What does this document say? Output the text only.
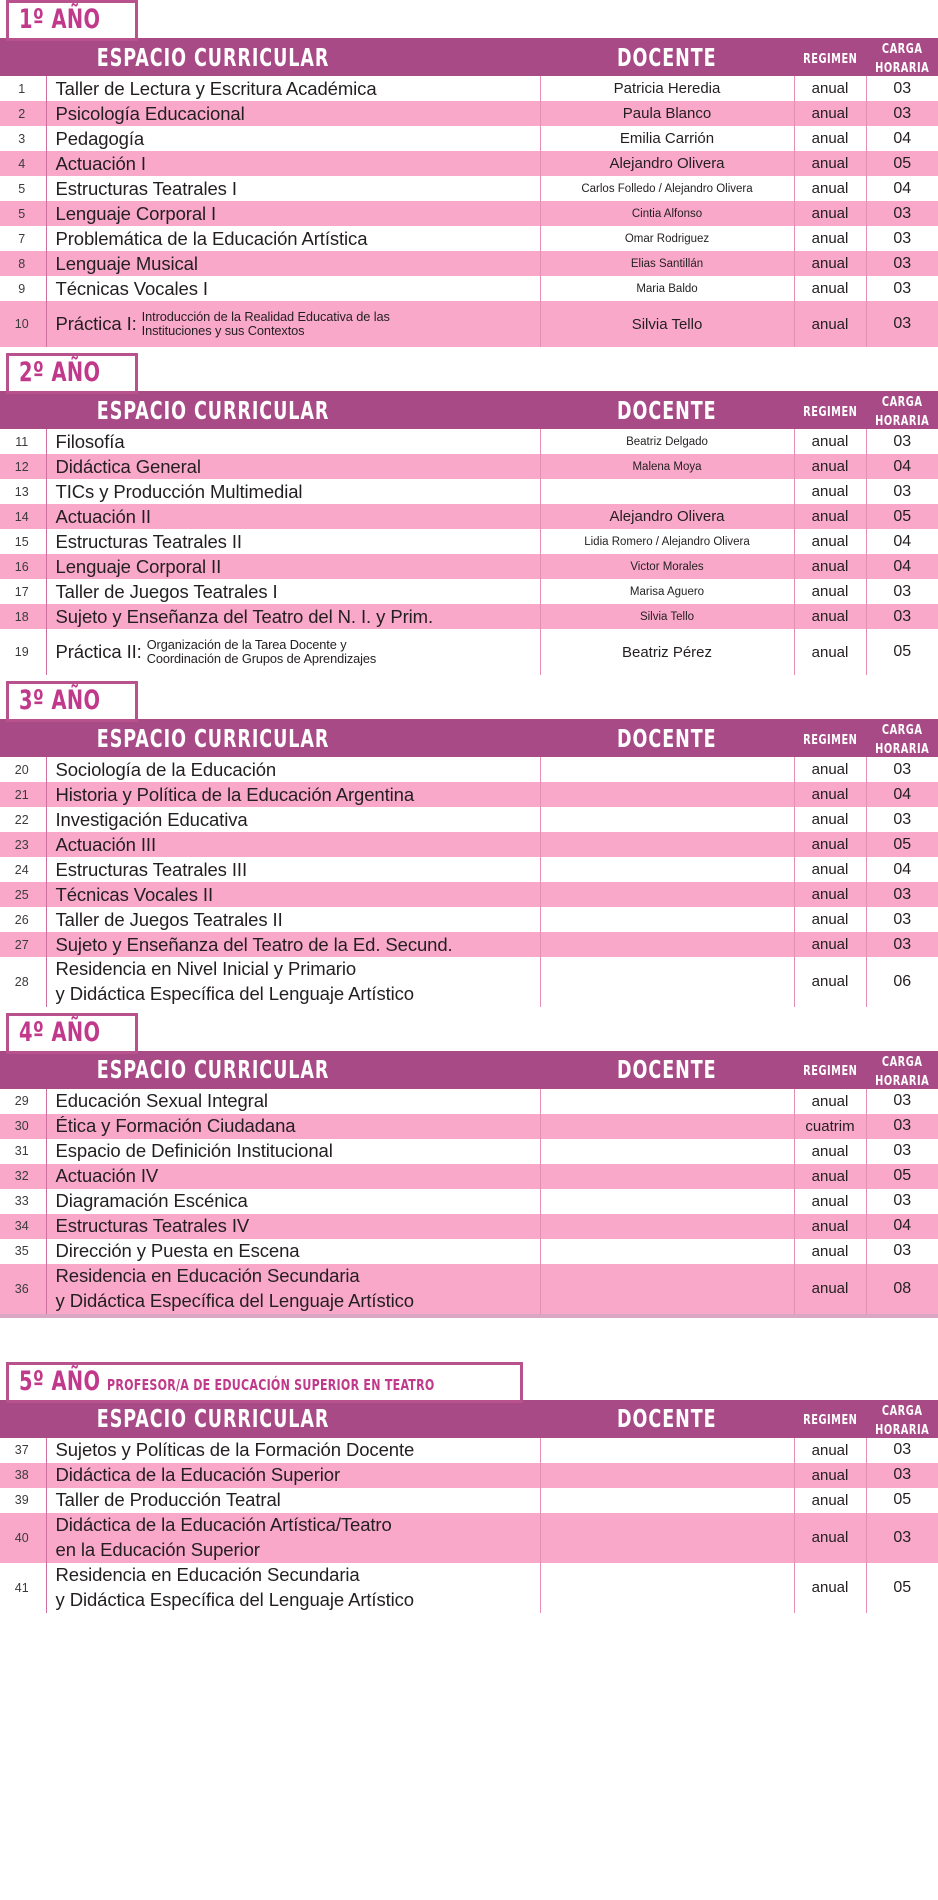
1º AÑO
	ESPACIO CURRICULAR	DOCENTE	REGIMEN	CARGA
HORARIA
1	Taller de Lectura y Escritura Académica	Patricia Heredia	anual	03
2	Psicología Educacional	Paula Blanco	anual	03
3	Pedagogía	Emilia Carrión	anual	04
4	Actuación I	Alejandro Olivera	anual	05
5	Estructuras Teatrales I	Carlos Folledo / Alejandro Olivera	anual	04
5	Lenguaje Corporal I	Cintia Alfonso	anual	03
7	Problemática de la Educación Artística	Omar Rodriguez	anual	03
8	Lenguaje Musical	Elias Santillán	anual	03
9	Técnicas Vocales I	Maria Baldo	anual	03
10	Práctica I: Introducción de la Realidad Educativa de las
Instituciones y sus Contextos	Silvia Tello	anual	03
2º AÑO
	ESPACIO CURRICULAR	DOCENTE	REGIMEN	CARGA
HORARIA
11	Filosofía	Beatriz Delgado	anual	03
12	Didáctica General	Malena Moya	anual	04
13	TICs y Producción Multimedial		anual	03
14	Actuación II	Alejandro Olivera	anual	05
15	Estructuras Teatrales II	Lidia Romero / Alejandro Olivera	anual	04
16	Lenguaje Corporal II	Victor Morales	anual	04
17	Taller de Juegos Teatrales I	Marisa Aguero	anual	03
18	Sujeto y Enseñanza del Teatro del N. I. y Prim.	Silvia Tello	anual	03
19	Práctica II: Organización de la Tarea Docente y
Coordinación de Grupos de Aprendizajes	Beatriz Pérez	anual	05
3º AÑO
	ESPACIO CURRICULAR	DOCENTE	REGIMEN	CARGA
HORARIA
20	Sociología de la Educación		anual	03
21	Historia y Política de la Educación Argentina		anual	04
22	Investigación Educativa		anual	03
23	Actuación III		anual	05
24	Estructuras Teatrales III		anual	04
25	Técnicas Vocales II		anual	03
26	Taller de Juegos Teatrales II		anual	03
27	Sujeto y Enseñanza del Teatro de la Ed. Secund.		anual	03
28	Residencia en Nivel Inicial y Primario
y Didáctica Específica del Lenguaje Artístico		anual	06
4º AÑO
	ESPACIO CURRICULAR	DOCENTE	REGIMEN	CARGA
HORARIA
29	Educación Sexual Integral		anual	03
30	Ética y Formación Ciudadana		cuatrim	03
31	Espacio de Definición Institucional		anual	03
32	Actuación IV		anual	05
33	Diagramación Escénica		anual	03
34	Estructuras Teatrales IV		anual	04
35	Dirección y Puesta en Escena		anual	03
36	Residencia en Educación Secundaria
y Didáctica Específica del Lenguaje Artístico		anual	08
5º AÑO PROFESOR/A DE EDUCACIÓN SUPERIOR EN TEATRO
	ESPACIO CURRICULAR	DOCENTE	REGIMEN	CARGA
HORARIA
37	Sujetos y Políticas de la Formación Docente		anual	03
38	Didáctica de la Educación Superior		anual	03
39	Taller de Producción Teatral		anual	05
40	Didáctica de la Educación Artística/Teatro
en la Educación Superior		anual	03
41	Residencia en Educación Secundaria
y Didáctica Específica del Lenguaje Artístico		anual	05
